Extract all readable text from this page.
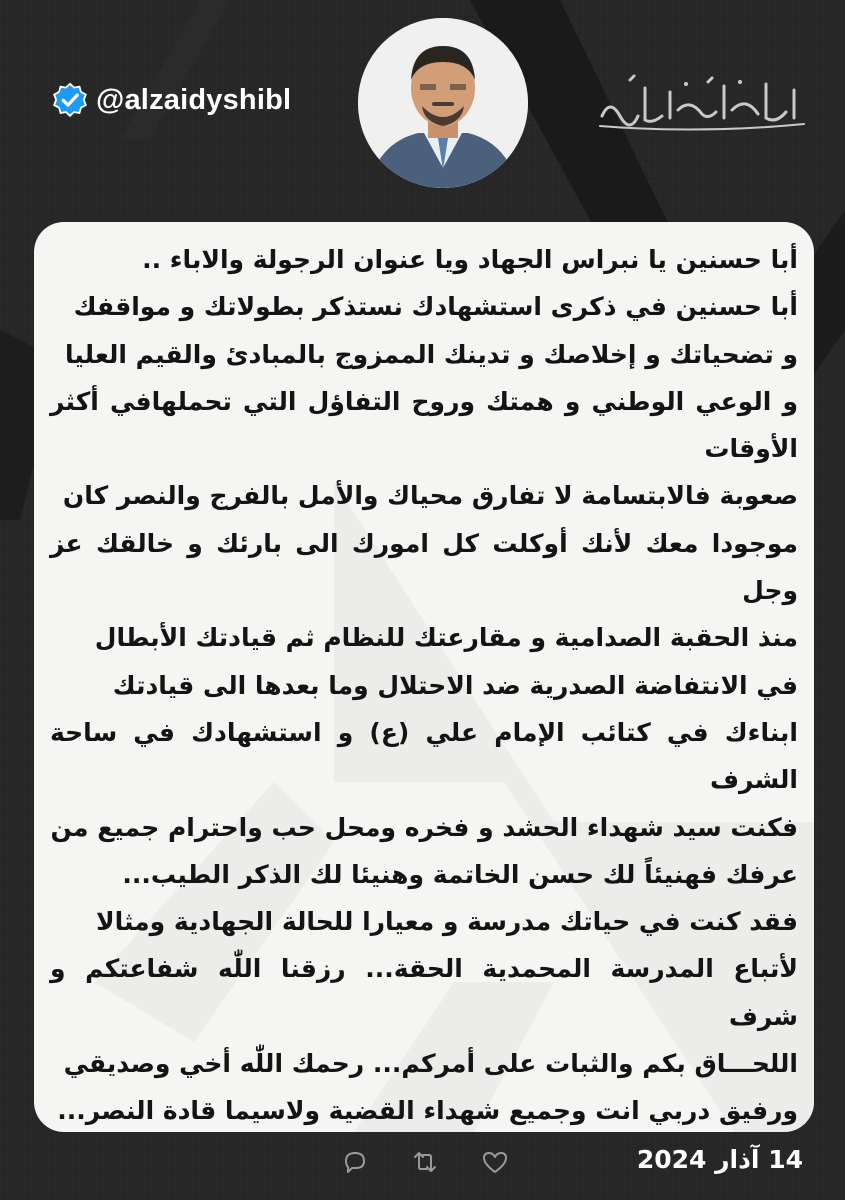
@alzaidyshibl
أبا حسنين يا نبراس الجهاد ويا عنوان الرجولة والاباء ..
أبا حسنين في ذكرى استشهادك نستذكر بطولاتك و مواقفك
و تضحياتك و إخلاصك و تدينك الممزوج بالمبادئ والقيم العليا
و الوعي الوطني و همتك وروح التفاؤل التي تحملهافي أكثر الأوقات
صعوبة فالابتسامة لا تفارق محياك والأمل بالفرج والنصر كان
موجودا معك لأنك أوكلت كل امورك الى بارئك و خالقك عز وجل
منذ الحقبة الصدامية و مقارعتك للنظام ثم قيادتك الأبطال
في الانتفاضة الصدرية ضد الاحتلال وما بعدها الى قيادتك
ابناءك في كتائب الإمام علي (ع) و استشهادك في ساحة الشرف
فكنت سيد شهداء الحشد و فخره ومحل حب واحترام جميع من
عرفك فهنيئاً لك حسن الخاتمة وهنيئا لك الذكر الطيب...
فقد كنت في حياتك مدرسة و معيارا للحالة الجهادية ومثالا
لأتباع المدرسة المحمدية الحقة... رزقنا اللّٰه شفاعتكم و شرف
اللحـــاق بكم والثبات على أمركم... رحمك اللّٰه أخي وصديقي
ورفيق دربي انت وجميع شهداء القضية ولاسيما قادة النصر...
14 آذار 2024
